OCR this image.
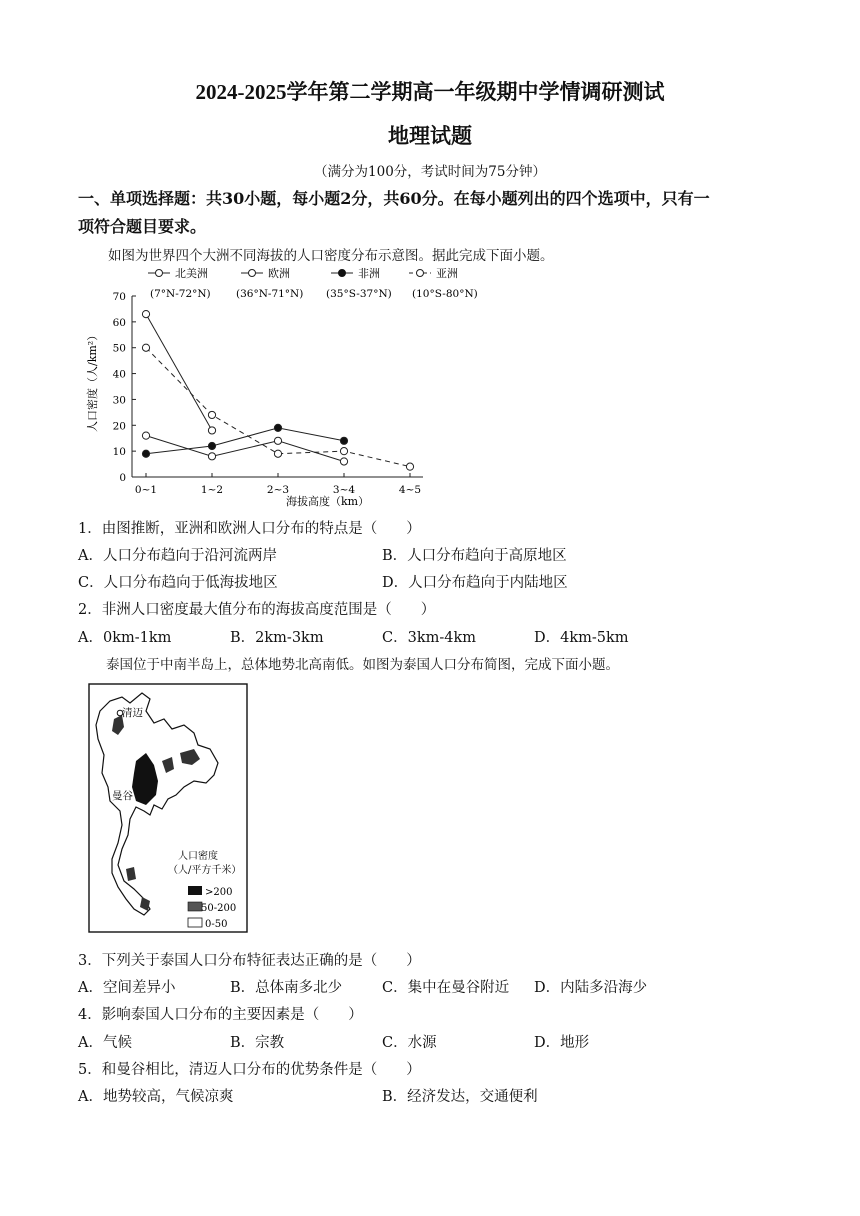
2024-2025学年第二学期高一年级期中学情调研测试
地理试题
（满分为100分，考试时间为75分钟）
一、单项选择题：共30小题，每小题2分，共60分。在每小题列出的四个选项中，只有一
项符合题目要求。
如图为世界四个大洲不同海拔的人口密度分布示意图。据此完成下面小题。
北美洲
(7°N-72°N)
欧洲
(36°N-71°N)
非洲
(35°S-37°N)
亚洲
(10°S-80°N)
0
10
20
30
40
50
60
70
0~1	1~2	2~3	3~4	4~5
人口密度（人/km²）
海拔高度（km）
1．由图推断，亚洲和欧洲人口分布的特点是（　　）
A．人口分布趋向于沿河流两岸	B．人口分布趋向于高原地区
C．人口分布趋向于低海拔地区	D．人口分布趋向于内陆地区
2．非洲人口密度最大值分布的海拔高度范围是（　　）
A．0km-1km	B．2km-3km	C．3km-4km	D．4km-5km
泰国位于中南半岛上，总体地势北高南低。如图为泰国人口分布简图，完成下面小题。
清迈
曼谷
人口密度
（人/平方千米）
>200
50-200
0-50
3．下列关于泰国人口分布特征表达正确的是（　　）
A．空间差异小	B．总体南多北少	C．集中在曼谷附近 D．内陆多沿海少
4．影响泰国人口分布的主要因素是（　　）
A．气候	B．宗教	C．水源	D．地形
5．和曼谷相比，清迈人口分布的优势条件是（　　）
A．地势较高，气候凉爽	B．经济发达，交通便利
